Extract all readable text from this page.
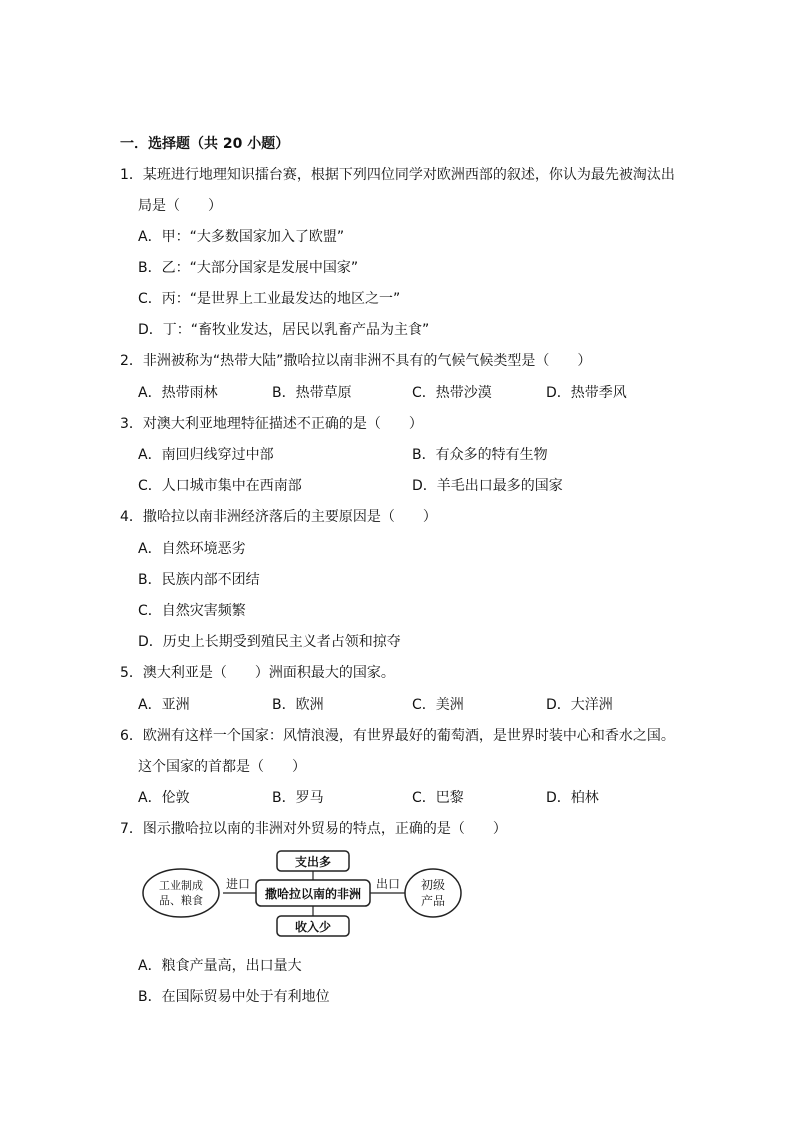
一．选择题（共 20 小题）
1．某班进行地理知识擂台赛，根据下列四位同学对欧洲西部的叙述，你认为最先被淘汰出
局是（　　）
A．甲：“大多数国家加入了欧盟”
B．乙：“大部分国家是发展中国家”
C．丙：“是世界上工业最发达的地区之一”
D．丁：“畜牧业发达，居民以乳畜产品为主食”
2．非洲被称为“热带大陆”撒哈拉以南非洲不具有的气候气候类型是（　　）
A．热带雨林	B．热带草原	C．热带沙漠	D．热带季风
3．对澳大利亚地理特征描述不正确的是（　　）
A．南回归线穿过中部	B．有众多的特有生物
C．人口城市集中在西南部	D．羊毛出口最多的国家
4．撒哈拉以南非洲经济落后的主要原因是（　　）
A．自然环境恶劣
B．民族内部不团结
C．自然灾害频繁
D．历史上长期受到殖民主义者占领和掠夺
5．澳大利亚是（　　）洲面积最大的国家。
A．亚洲	B．欧洲	C．美洲	D．大洋洲
6．欧洲有这样一个国家：风情浪漫，有世界最好的葡萄酒，是世界时装中心和香水之国。
这个国家的首都是（　　）
A．伦敦	B．罗马	C．巴黎	D．柏林
7．图示撒哈拉以南的非洲对外贸易的特点，正确的是（　　）
工业制成
品、粮食
进口
撒哈拉以南的非洲
出口 初级
产品
支出多
收入少
A．粮食产量高，出口量大
B．在国际贸易中处于有利地位
